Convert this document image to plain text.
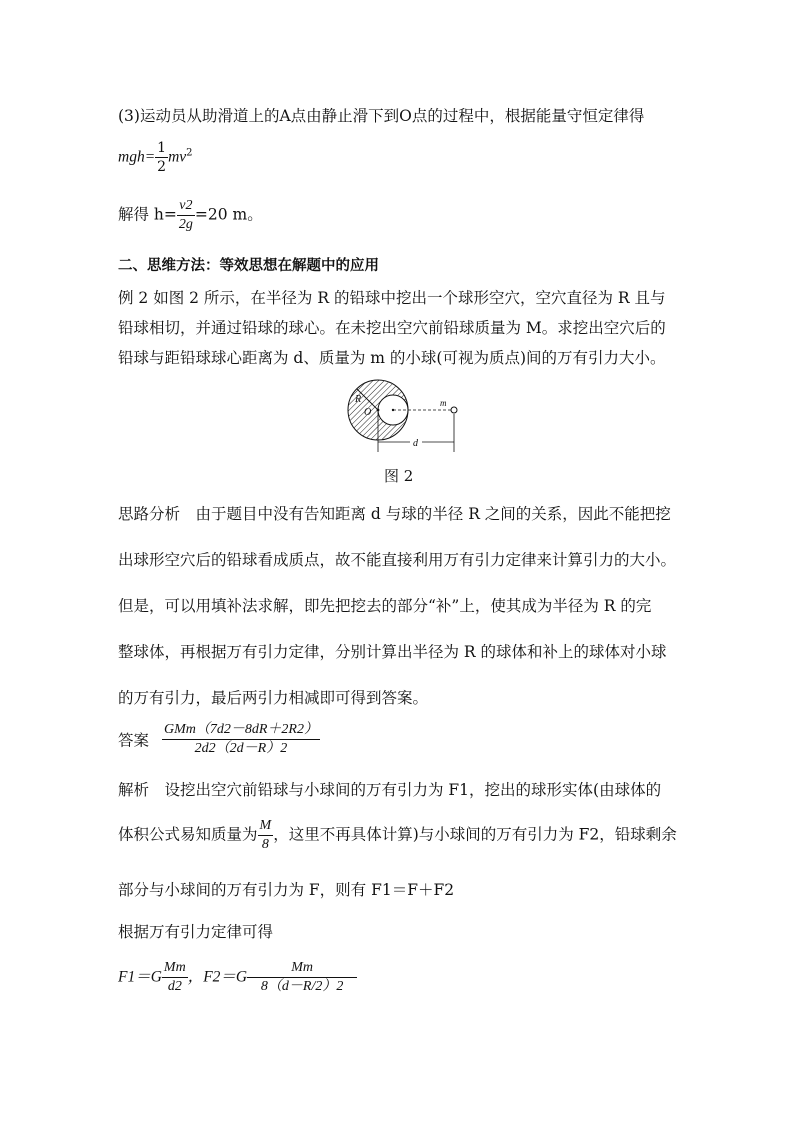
(3)运动员从助滑道上的A点由静止滑下到O点的过程中，根据能量守恒定律得
$mgh= \frac{1}{2} mv^2$
解得 $h= \frac{v2}{2g} =20$ m。
二、思维方法：等效思想在解题中的应用
例 2 如图 2 所示，在半径为 R 的铅球中挖出一个球形空穴，空穴直径为 R 且与
铅球相切，并通过铅球的球心。在未挖出空穴前铅球质量为 M。求挖出空穴后的
铅球与距铅球球心距离为 d、质量为 m 的小球(可视为质点)间的万有引力大小。
R
O
m
d
图 2
思路分析　由于题目中没有告知距离 d 与球的半径 R 之间的关系，因此不能把挖
出球形空穴后的铅球看成质点，故不能直接利用万有引力定律来计算引力的大小。
但是，可以用填补法求解，即先把挖去的部分“补”上，使其成为半径为 R 的完
整球体，再根据万有引力定律，分别计算出半径为 R 的球体和补上的球体对小球
的万有引力，最后两引力相减即可得到答案。
答案 $\frac{\text{GMm（7d2－8dR＋2R2）}}{2d2(2d-R)2}$
解析　设挖出空穴前铅球与小球间的万有引力为 F1，挖出的球形实体(由球体的
体积公式易知质量为 $\frac{M}{8}$ ，这里不再具体计算)与小球间的万有引力为 F2，铅球剩余
部分与小球间的万有引力为 F，则有 F1＝F＋F2
根据万有引力定律可得
$F1=G \frac{Mm}{d2}$ ，$F2=G \frac{Mm}{8(d-R/2)2}$
